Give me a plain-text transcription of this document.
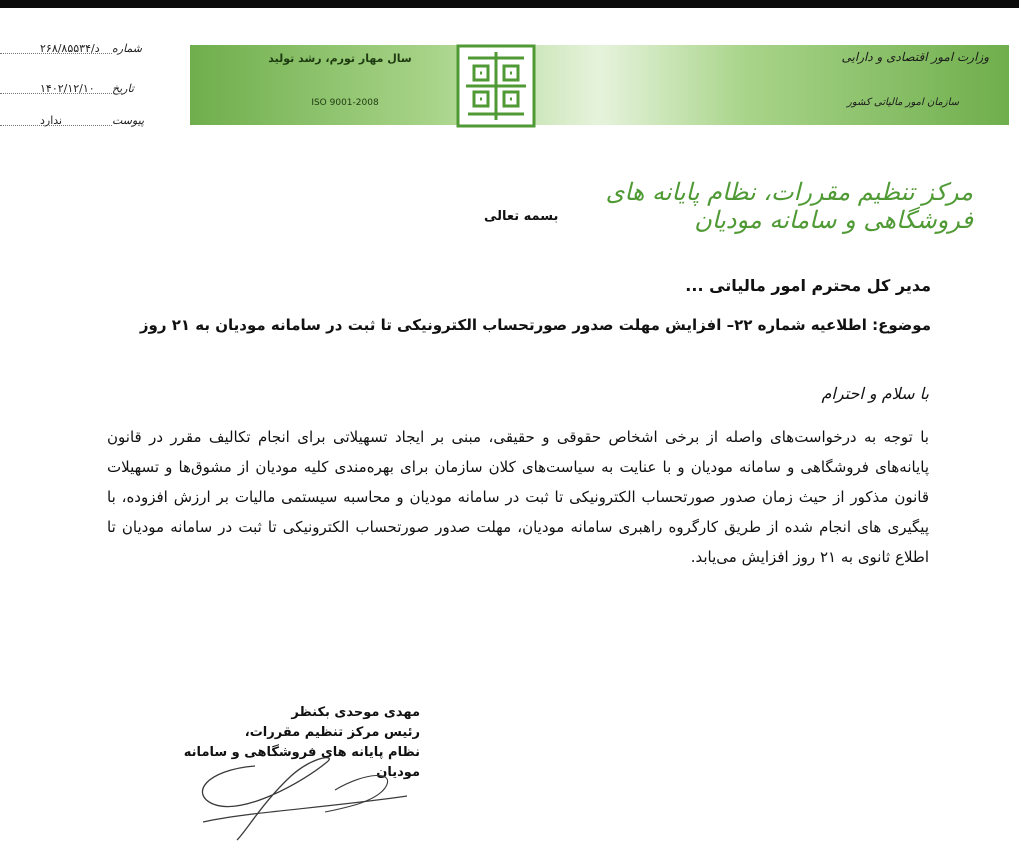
سال مهار تورم، رشد تولید
ISO 9001-2008
وزارت امور اقتصادی و دارایی
سازمان امور مالیاتی کشور
شماره
د/۲۶۸/۸۵۵۳۴
تاریخ
۱۴۰۲/۱۲/۱۰
پیوست
ندارد
مرکز تنظیم مقررات، نظام پایانه های فروشگاهی و سامانه مودیان
بسمه تعالی
مدیر کل محترم امور مالیاتی ...
موضوع: اطلاعیه شماره ۲۲– افزایش مهلت صدور صورتحساب الکترونیکی تا ثبت در سامانه مودیان به ۲۱ روز
با سلام و احترام
با توجه به درخواست‌های واصله از برخی اشخاص حقوقی و حقیقی، مبنی بر ایجاد تسهیلاتی برای انجام تکالیف مقرر در قانون پایانه‌های فروشگاهی و سامانه مودیان و با عنایت به سیاست‌های کلان سازمان برای بهره‌مندی کلیه مودیان از مشوق‌ها و تسهیلات قانون مذکور از حیث زمان صدور صورتحساب الکترونیکی تا ثبت در سامانه مودیان و محاسبه سیستمی مالیات بر ارزش افزوده، با پیگیری های انجام شده از طریق کارگروه راهبری سامانه مودیان، مهلت صدور صورتحساب الکترونیکی تا ثبت در سامانه مودیان تا اطلاع ثانوی به ۲۱ روز افزایش می‌یابد.
مهدی موحدی بکنظر
رئیس مرکز تنظیم مقررات،
نظام پایانه های فروشگاهی و سامانه مودیان
